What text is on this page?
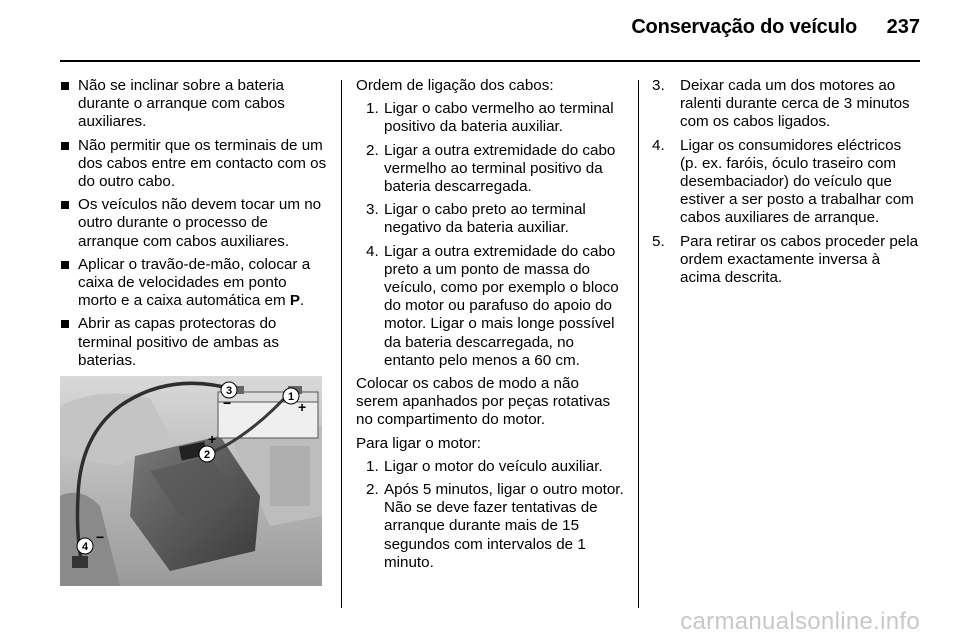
Conservação do veículo 237
Não se inclinar sobre a bateria durante o arranque com cabos auxiliares.
Não permitir que os terminais de um dos cabos entre em contacto com os do outro cabo.
Os veículos não devem tocar um no outro durante o processo de arranque com cabos auxiliares.
Aplicar o travão-de-mão, colocar a caixa de velocidades em ponto morto e a caixa automática em P.
Abrir as capas protectoras do terminal positivo de ambas as baterias.
1
+
2
+
3
−
4
−
Ordem de ligação dos cabos:
1. Ligar o cabo vermelho ao terminal positivo da bateria auxiliar.
2. Ligar a outra extremidade do cabo vermelho ao terminal positivo da bateria descarregada.
3. Ligar o cabo preto ao terminal negativo da bateria auxiliar.
4. Ligar a outra extremidade do cabo preto a um ponto de massa do veículo, como por exemplo o bloco do motor ou parafuso do apoio do motor. Ligar o mais longe possível da bateria descarregada, no entanto pelo menos a 60 cm.
Colocar os cabos de modo a não serem apanhados por peças rotativas no compartimento do motor.
Para ligar o motor:
1. Ligar o motor do veículo auxiliar.
2. Após 5 minutos, ligar o outro motor. Não se deve fazer tentativas de arranque durante mais de 15 segundos com intervalos de 1 minuto.
3. Deixar cada um dos motores ao ralenti durante cerca de 3 minutos com os cabos ligados.
4. Ligar os consumidores eléctricos (p. ex. faróis, óculo traseiro com desembaciador) do veículo que estiver a ser posto a trabalhar com cabos auxiliares de arranque.
5. Para retirar os cabos proceder pela ordem exactamente inversa à acima descrita.
carmanualsonline.info
